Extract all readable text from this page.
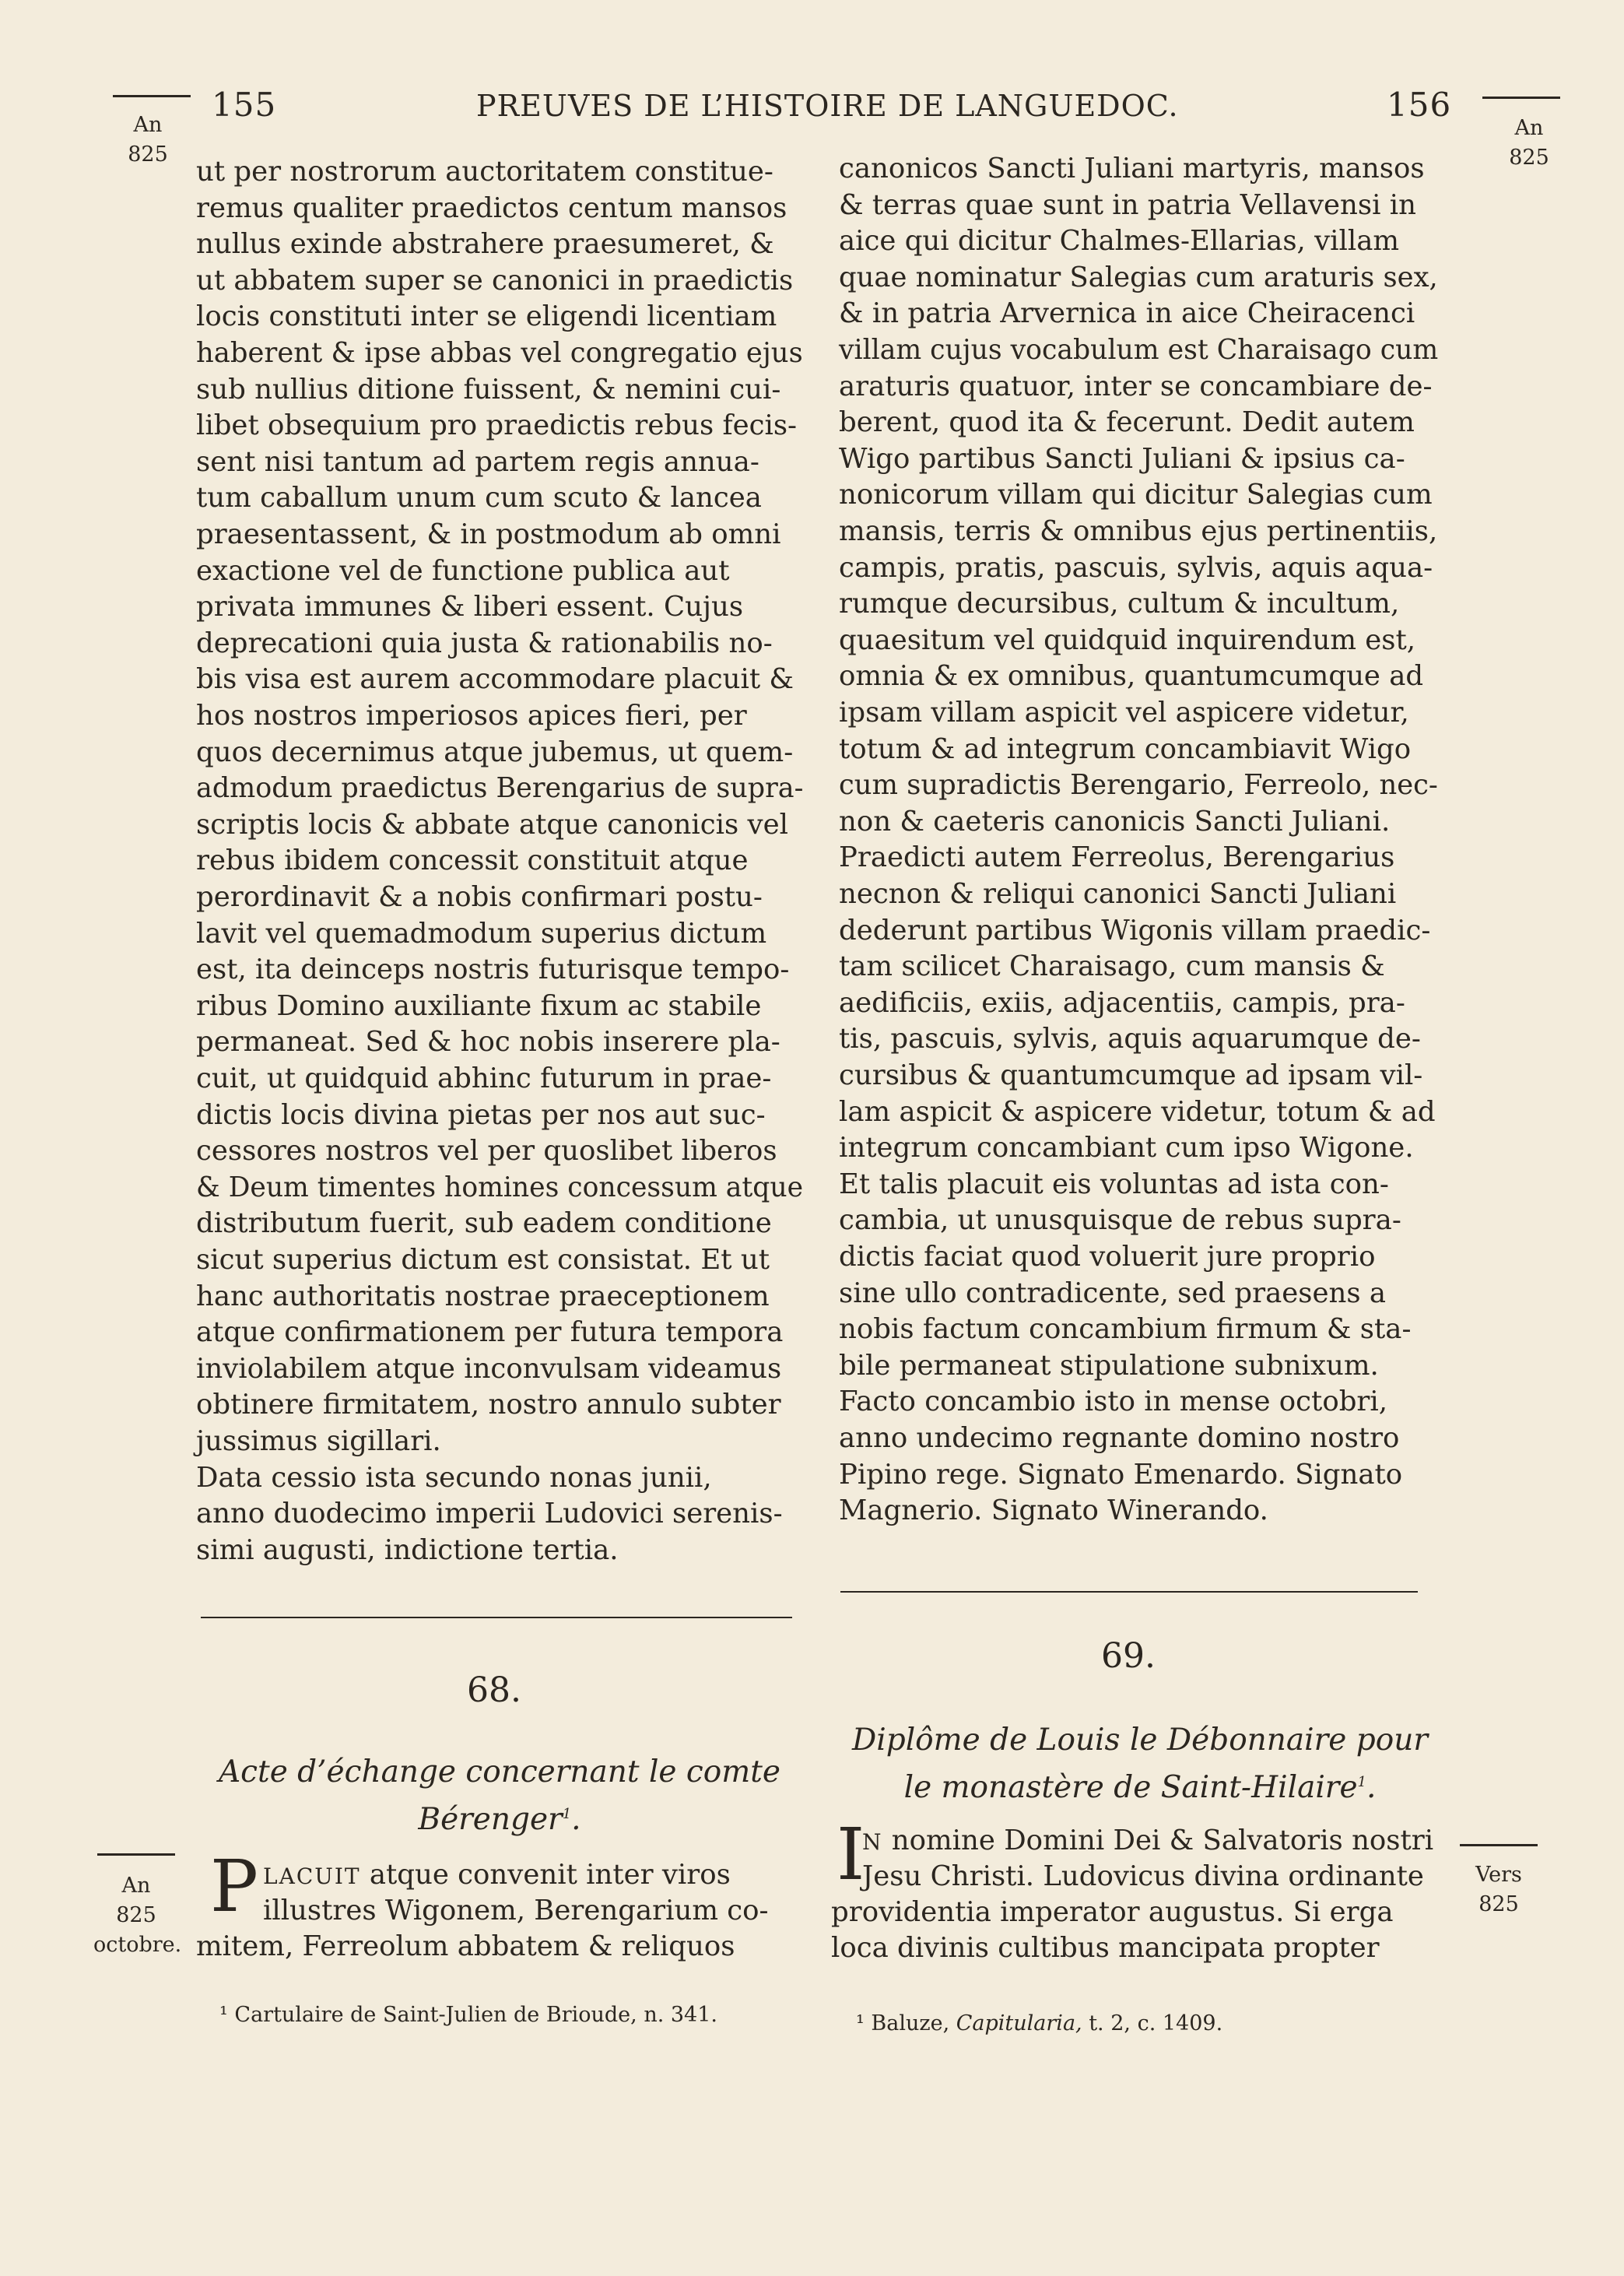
155	PREUVES DE L’HISTOIRE DE LANGUEDOC.	156
An
825
An
825
ut per nostrorum auctoritatem constitue-
remus qualiter praedictos centum mansos
nullus exinde abstrahere praesumeret, &
ut abbatem super se canonici in praedictis
locis constituti inter se eligendi licentiam
haberent & ipse abbas vel congregatio ejus
sub nullius ditione fuissent, & nemini cui-
libet obsequium pro praedictis rebus fecis-
sent nisi tantum ad partem regis annua-
tum caballum unum cum scuto & lancea
praesentassent, & in postmodum ab omni
exactione vel de functione publica aut
privata immunes & liberi essent. Cujus
deprecationi quia justa & rationabilis no-
bis visa est aurem accommodare placuit &
hos nostros imperiosos apices fieri, per
quos decernimus atque jubemus, ut quem-
admodum praedictus Berengarius de supra-
scriptis locis & abbate atque canonicis vel
rebus ibidem concessit constituit atque
perordinavit & a nobis confirmari postu-
lavit vel quemadmodum superius dictum
est, ita deinceps nostris futurisque tempo-
ribus Domino auxiliante fixum ac stabile
permaneat. Sed & hoc nobis inserere pla-
cuit, ut quidquid abhinc futurum in prae-
dictis locis divina pietas per nos aut suc-
cessores nostros vel per quoslibet liberos
& Deum timentes homines concessum atque
distributum fuerit, sub eadem conditione
sicut superius dictum est consistat. Et ut
hanc authoritatis nostrae praeceptionem
atque confirmationem per futura tempora
inviolabilem atque inconvulsam videamus
obtinere firmitatem, nostro annulo subter
jussimus sigillari.
Data cessio ista secundo nonas junii,
anno duodecimo imperii Ludovici serenis-
simi augusti, indictione tertia.
canonicos Sancti Juliani martyris, mansos
& terras quae sunt in patria Vellavensi in
aice qui dicitur Chalmes-Ellarias, villam
quae nominatur Salegias cum araturis sex,
& in patria Arvernica in aice Cheiracenci
villam cujus vocabulum est Charaisago cum
araturis quatuor, inter se concambiare de-
berent, quod ita & fecerunt. Dedit autem
Wigo partibus Sancti Juliani & ipsius ca-
nonicorum villam qui dicitur Salegias cum
mansis, terris & omnibus ejus pertinentiis,
campis, pratis, pascuis, sylvis, aquis aqua-
rumque decursibus, cultum & incultum,
quaesitum vel quidquid inquirendum est,
omnia & ex omnibus, quantumcumque ad
ipsam villam aspicit vel aspicere videtur,
totum & ad integrum concambiavit Wigo
cum supradictis Berengario, Ferreolo, nec-
non & caeteris canonicis Sancti Juliani.
Praedicti autem Ferreolus, Berengarius
necnon & reliqui canonici Sancti Juliani
dederunt partibus Wigonis villam praedic-
tam scilicet Charaisago, cum mansis &
aedificiis, exiis, adjacentiis, campis, pra-
tis, pascuis, sylvis, aquis aquarumque de-
cursibus & quantumcumque ad ipsam vil-
lam aspicit & aspicere videtur, totum & ad
integrum concambiant cum ipso Wigone.
Et talis placuit eis voluntas ad ista con-
cambia, ut unusquisque de rebus supra-
dictis faciat quod voluerit jure proprio
sine ullo contradicente, sed praesens a
nobis factum concambium firmum & sta-
bile permaneat stipulatione subnixum.
Facto concambio isto in mense octobri,
anno undecimo regnante domino nostro
Pipino rege. Signato Emenardo. Signato
Magnerio. Signato Winerando.
68.
Acte d’échange concernant le comte
Bérenger$^1$.
An
825
octobre.
P LACUIT atque convenit inter viros
illustres Wigonem, Berengarium co-
mitem, Ferreolum abbatem & reliquos
¹ Cartulaire de Saint-Julien de Brioude, n. 341.
69.
Diplôme de Louis le Débonnaire pour
le monastère de Saint-Hilaire$^1$.
Vers
825
I
N nomine Domini Dei & Salvatoris nostri
Jesu Christi. Ludovicus divina ordinante
providentia imperator augustus. Si erga
loca divinis cultibus mancipata propter
¹ Baluze, Capitularia, t. 2, c. 1409.
